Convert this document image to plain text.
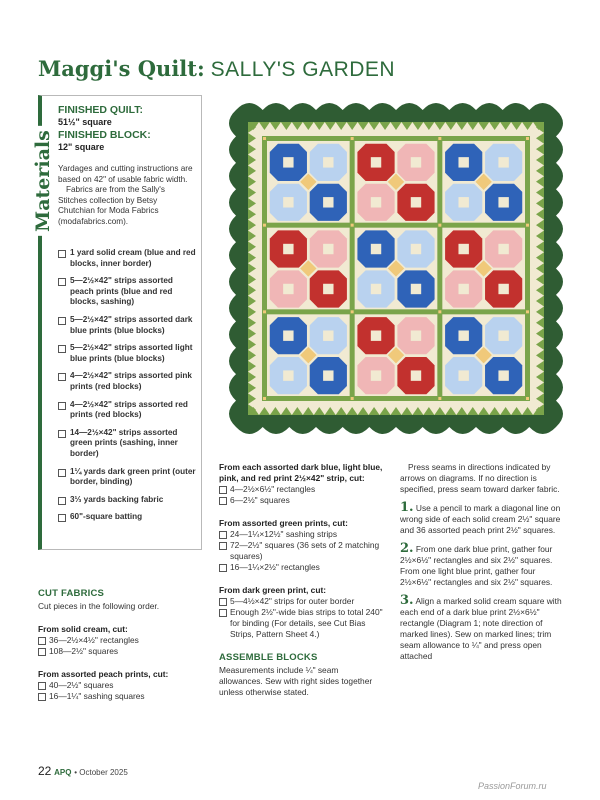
Maggi's Quilt: SALLY'S GARDEN
Materials
FINISHED QUILT:
51½" square
FINISHED BLOCK:
12" square

Yardages and cutting instructions are based on 42" of usable fabric width.

Fabrics are from the Sally's Stitches collection by Betsy Chutchian for Moda Fabrics (modafabrics.com).

1 yard solid cream (blue and red blocks, inner border)
5—2½×42" strips assorted peach prints (blue and red blocks, sashing)
5—2½×42" strips assorted dark blue prints (blue blocks)
5—2½×42" strips assorted light blue prints (blue blocks)
4—2½×42" strips assorted pink prints (red blocks)
4—2½×42" strips assorted red prints (red blocks)
14—2½×42" strips assorted green prints (sashing, inner border)
1¼ yards dark green print (outer border, binding)
3⅓ yards backing fabric
60"-square batting
CUT FABRICS
Cut pieces in the following order.
From solid cream, cut:
36—2½×4½" rectangles
108—2½" squares
From assorted peach prints, cut:
40—2½" squares
16—1¼" sashing squares
From each assorted dark blue, light blue, pink, and red print 2½×42" strip, cut:
4—2½×6½" rectangles
6—2½" squares
From assorted green prints, cut:
24—1¼×12½" sashing strips
72—2½" squares (36 sets of 2 matching squares)
16—1¼×2½" rectangles
From dark green print, cut:
5—4½×42" strips for outer border
Enough 2½"-wide bias strips to total 240" for binding (For details, see Cut Bias Strips, Pattern Sheet 4.)
ASSEMBLE BLOCKS
Measurements include ¼" seam allowances. Sew with right sides together unless otherwise stated.
Press seams in directions indicated by arrows on diagrams. If no direction is specified, press seam toward darker fabric.
1. Use a pencil to mark a diagonal line on wrong side of each solid cream 2½" square and 36 assorted peach print 2½" squares.
2. From one dark blue print, gather four 2½×6½" rectangles and six 2½" squares. From one light blue print, gather four 2½×6½" rectangles and six 2½" squares.
3. Align a marked solid cream square with each end of a dark blue print 2½×6½" rectangle (Diagram 1; note direction of marked lines). Sew on marked lines; trim seam allowance to ¼" and press open attached
22 APQ • October 2025
PassionForum.ru
